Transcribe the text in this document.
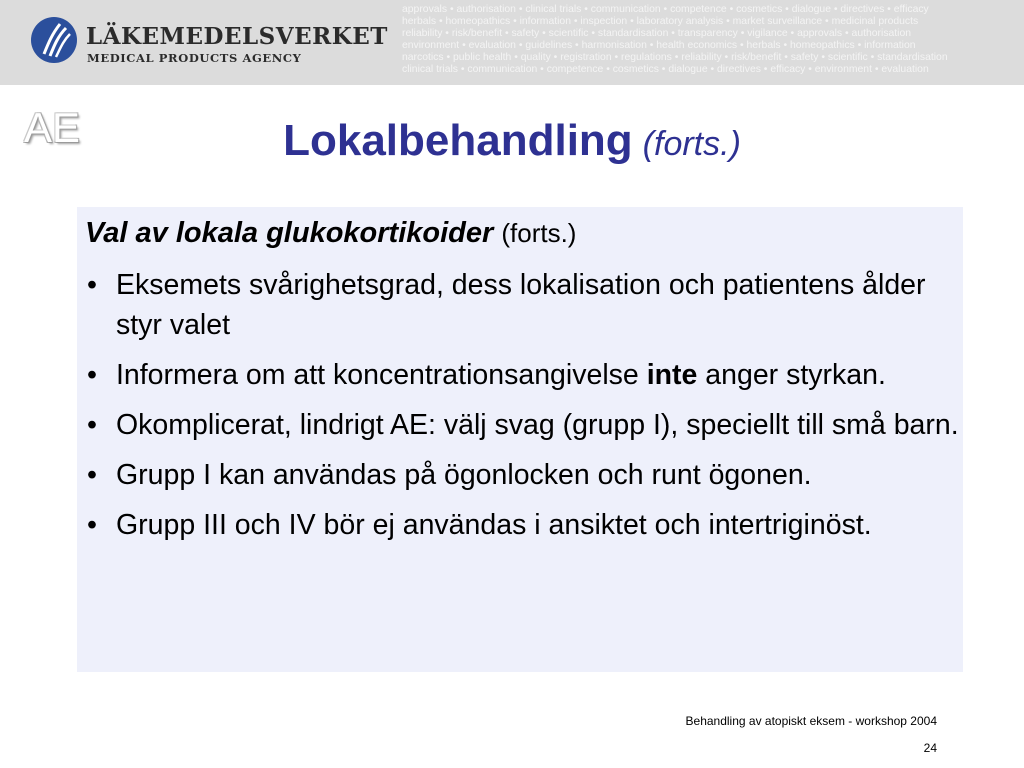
LÄKEMEDELSVERKET
MEDICAL PRODUCTS AGENCY
approvals • authorisation • clinical trials • communication • competence • cosmetics • dialogue • directives • efficacy
herbals • homeopathics • information • inspection • laboratory analysis • market surveillance • medicinal products
reliability • risk/benefit • safety • scientific • standardisation • transparency • vigilance • approvals • authorisation
environment • evaluation • guidelines • harmonisation • health economics • herbals • homeopathics • information
narcotics • public health • quality • registration • regulations • reliability • risk/benefit • safety • scientific • standardisation
clinical trials • communication • competence • cosmetics • dialogue • directives • efficacy • environment • evaluation
AE	Lokalbehandling (forts.)
Val av lokala glukokortikoider (forts.)
• Eksemets svårighetsgrad, dess lokalisation och patientens ålder styr valet
• Informera om att koncentrationsangivelse inte anger styrkan.
• Okomplicerat, lindrigt AE: välj svag (grupp I), speciellt till små barn.
• Grupp I kan användas på ögonlocken och runt ögonen.
• Grupp III och IV bör ej användas i ansiktet och intertriginöst.
Behandling av atopiskt eksem - workshop 2004
24
